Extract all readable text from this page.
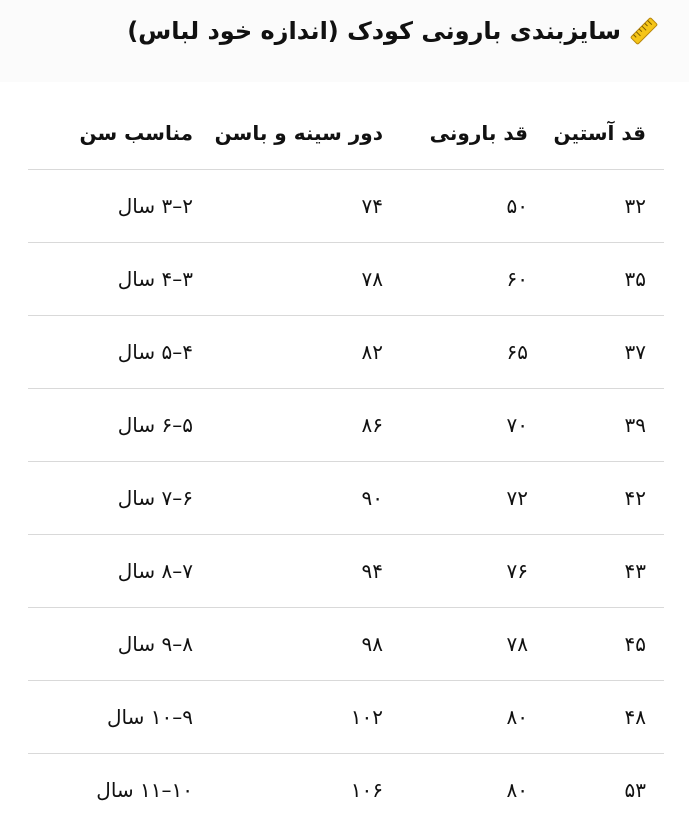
سایزبندی بارونی کودک (اندازه خود لباس)
قد آستین	قد بارونی	دور سینه و باسن	مناسب سن
۳۲	۵۰	۷۴	۲–۳ سال
۳۵	۶۰	۷۸	۳–۴ سال
۳۷	۶۵	۸۲	۴–۵ سال
۳۹	۷۰	۸۶	۵–۶ سال
۴۲	۷۲	۹۰	۶–۷ سال
۴۳	۷۶	۹۴	۷–۸ سال
۴۵	۷۸	۹۸	۸–۹ سال
۴۸	۸۰	۱۰۲	۹–۱۰ سال
۵۳	۸۰	۱۰۶	۱۰–۱۱ سال
